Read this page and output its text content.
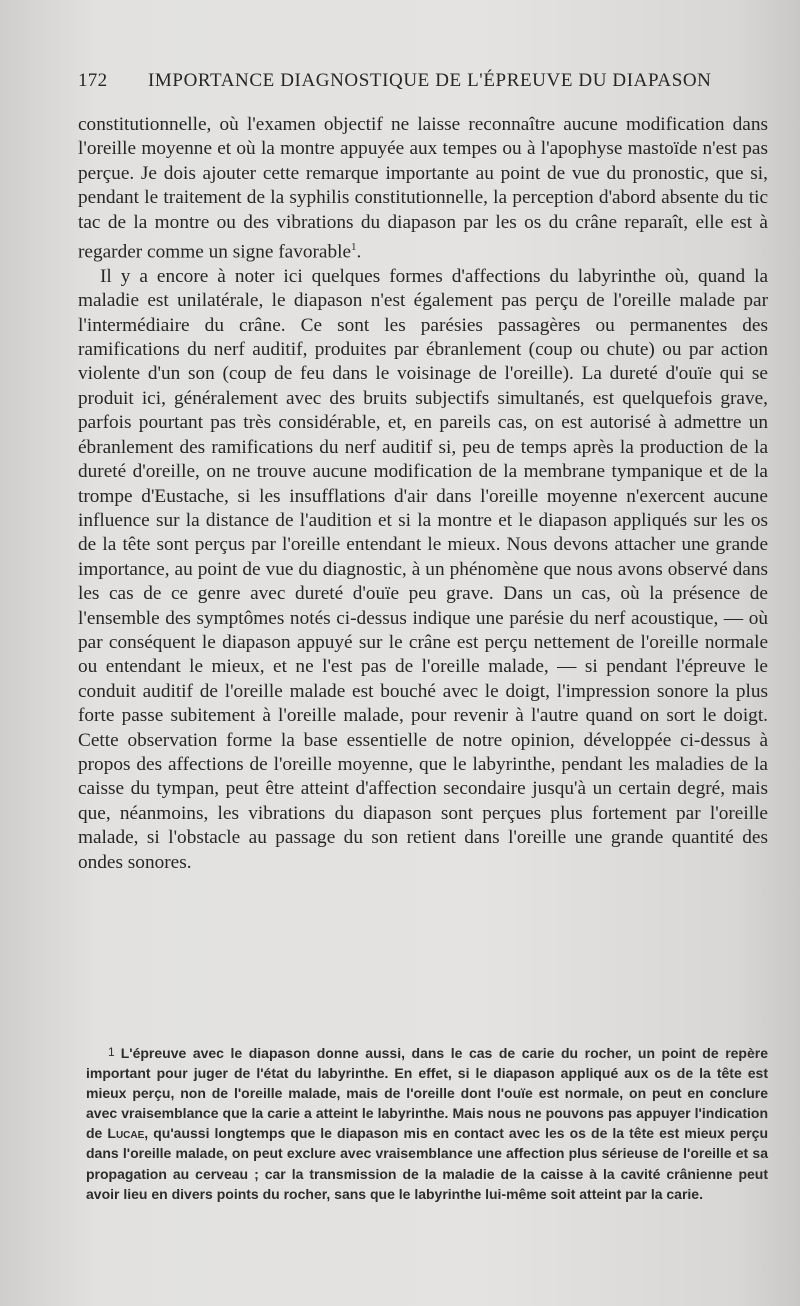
172 IMPORTANCE DIAGNOSTIQUE DE L'ÉPREUVE DU DIAPASON

constitutionnelle, où l'examen objectif ne laisse reconnaître aucune modification dans l'oreille moyenne et où la montre appuyée aux tempes ou à l'apophyse mastoïde n'est pas perçue. Je dois ajouter cette remarque importante au point de vue du pronostic, que si, pendant le traitement de la syphilis constitutionnelle, la perception d'abord absente du tic tac de la montre ou des vibrations du diapason par les os du crâne reparaît, elle est à regarder comme un signe favorable$^1$.

Il y a encore à noter ici quelques formes d'affections du labyrinthe où, quand la maladie est unilatérale, le diapason n'est également pas perçu de l'oreille malade par l'intermédiaire du crâne. Ce sont les parésies passagères ou permanentes des ramifications du nerf auditif, produites par ébranlement (coup ou chute) ou par action violente d'un son (coup de feu dans le voisinage de l'oreille). La dureté d'ouïe qui se produit ici, généralement avec des bruits subjectifs simultanés, est quelquefois grave, parfois pourtant pas très considérable, et, en pareils cas, on est autorisé à admettre un ébranlement des ramifications du nerf auditif si, peu de temps après la production de la dureté d'oreille, on ne trouve aucune modification de la membrane tympanique et de la trompe d'Eustache, si les insufflations d'air dans l'oreille moyenne n'exercent aucune influence sur la distance de l'audition et si la montre et le diapason appliqués sur les os de la tête sont perçus par l'oreille entendant le mieux. Nous devons attacher une grande importance, au point de vue du diagnostic, à un phénomène que nous avons observé dans les cas de ce genre avec dureté d'ouïe peu grave. Dans un cas, où la présence de l'ensemble des symptômes notés ci-dessus indique une parésie du nerf acoustique, — où par conséquent le diapason appuyé sur le crâne est perçu nettement de l'oreille normale ou entendant le mieux, et ne l'est pas de l'oreille malade, — si pendant l'épreuve le conduit auditif de l'oreille malade est bouché avec le doigt, l'impression sonore la plus forte passe subitement à l'oreille malade, pour revenir à l'autre quand on sort le doigt. Cette observation forme la base essentielle de notre opinion, développée ci-dessus à propos des affections de l'oreille moyenne, que le labyrinthe, pendant les maladies de la caisse du tympan, peut être atteint d'affection secondaire jusqu'à un certain degré, mais que, néanmoins, les vibrations du diapason sont perçues plus fortement par l'oreille malade, si l'obstacle au passage du son retient dans l'oreille une grande quantité des ondes sonores.

1 L'épreuve avec le diapason donne aussi, dans le cas de carie du rocher, un point de repère important pour juger de l'état du labyrinthe. En effet, si le diapason appliqué aux os de la tête est mieux perçu, non de l'oreille malade, mais de l'oreille dont l'ouïe est normale, on peut en conclure avec vraisemblance que la carie a atteint le labyrinthe. Mais nous ne pouvons pas appuyer l'indication de Lucae, qu'aussi longtemps que le diapason mis en contact avec les os de la tête est mieux perçu dans l'oreille malade, on peut exclure avec vraisemblance une affection plus sérieuse de l'oreille et sa propagation au cerveau ; car la transmission de la maladie de la caisse à la cavité crânienne peut avoir lieu en divers points du rocher, sans que le labyrinthe lui-même soit atteint par la carie.
